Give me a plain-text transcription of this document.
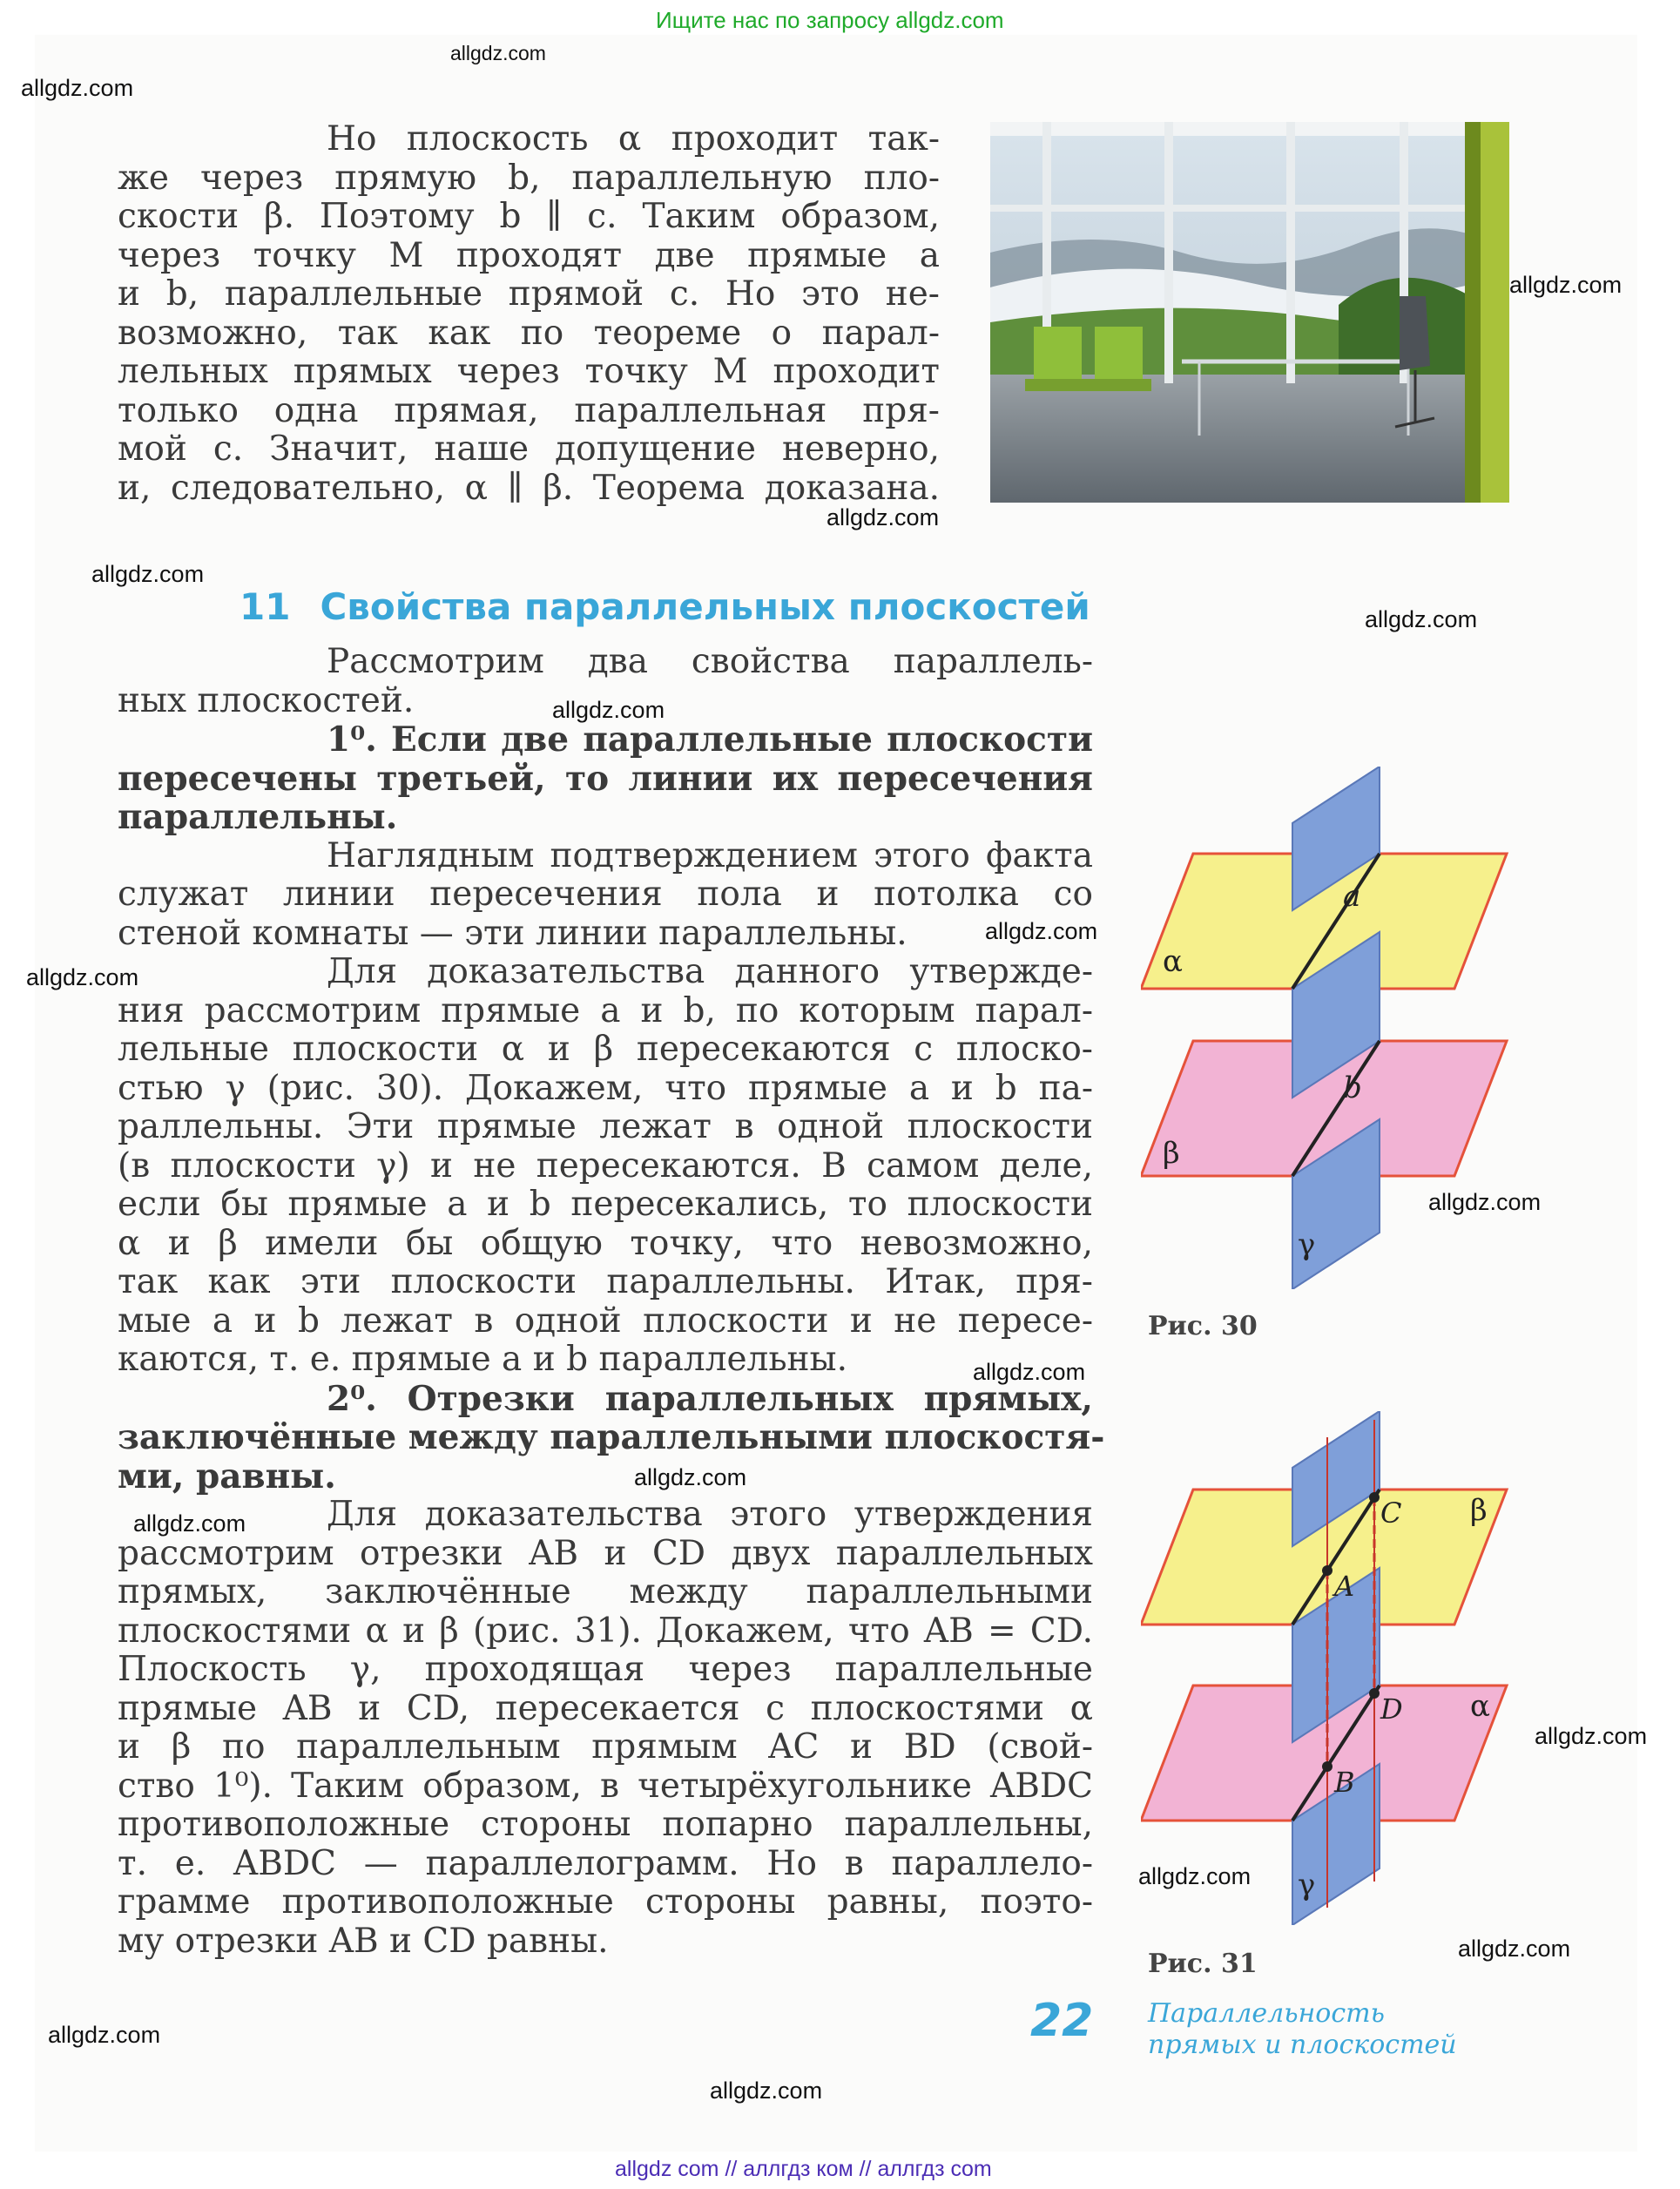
Ищите нас по запросу allgdz.com
allgdz com // аллгдз ком // аллгдз com
allgdz.com
allgdz.com
allgdz.com
allgdz.com
allgdz.com
allgdz.com
allgdz.com
allgdz.com
allgdz.com
allgdz.com
allgdz.com
allgdz.com
allgdz.com
allgdz.com
allgdz.com
allgdz.com
allgdz.com
allgdz.com
Но плоскость α проходит так-
же через прямую b, параллельную пло-
скости β. Поэтому b ∥ c. Таким образом,
через точку M проходят две прямые a
и b, параллельные прямой c. Но это не-
возможно, так как по теореме о парал-
лельных прямых через точку M проходит
только одна прямая, параллельная пря-
мой c. Значит, наше допущение неверно,
и, следовательно, α ∥ β. Теорема доказана.
11 Свойства параллельных плоскостей
Рассмотрим два свойства параллель-
ных плоскостей.
1⁰. Если две параллельные плоскости
пересечены третьей, то линии их пересечения
параллельны.
Наглядным подтверждением этого факта
служат линии пересечения пола и потолка со
стеной комнаты — эти линии параллельны.
Для доказательства данного утвержде-
ния рассмотрим прямые a и b, по которым парал-
лельные плоскости α и β пересекаются с плоско-
стью γ (рис. 30). Докажем, что прямые a и b па-
раллельны. Эти прямые лежат в одной плоскости
(в плоскости γ) и не пересекаются. В самом деле,
если бы прямые a и b пересекались, то плоскости
α и β имели бы общую точку, что невозможно,
так как эти плоскости параллельны. Итак, пря-
мые a и b лежат в одной плоскости и не пересе-
каются, т. е. прямые a и b параллельны.
2⁰. Отрезки параллельных прямых,
заключённые между параллельными плоскостя-
ми, равны.
Для доказательства этого утверждения
рассмотрим отрезки AB и CD двух параллельных
прямых, заключённые между параллельными
плоскостями α и β (рис. 31). Докажем, что AB = CD.
Плоскость γ, проходящая через параллельные
прямые AB и CD, пересекается с плоскостями α
и β по параллельным прямым AC и BD (свой-
ство 1⁰). Таким образом, в четырёхугольнике ABDC
противоположные стороны попарно параллельны,
т. е. ABDC — параллелограмм. Но в параллело-
грамме противоположные стороны равны, поэто-
му отрезки AB и CD равны.
a
b
α
β
γ
Рис. 30
A
C
B
D
β
α
γ
Рис. 31
22 Параллельность
прямых и плоскостей
